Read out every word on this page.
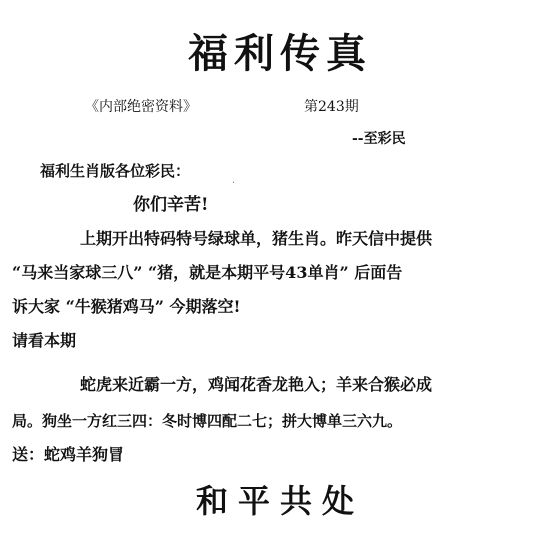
福利传真
《内部绝密资料》	第243期
--至彩民
福利生肖版各位彩民：
你们辛苦!
·
上期开出特码特号绿球单，猪生肖。昨天信中提供
“马来当家球三八” “猪，就是本期平号43单肖” 后面告
诉大家 “牛猴猪鸡马” 今期落空!
请看本期
蛇虎来近霸一方，鸡闻花香龙艳入；羊来合猴必成
局。狗坐一方红三四：冬时博四配二七；拼大博单三六九。
送：蛇鸡羊狗冒
和平共处
